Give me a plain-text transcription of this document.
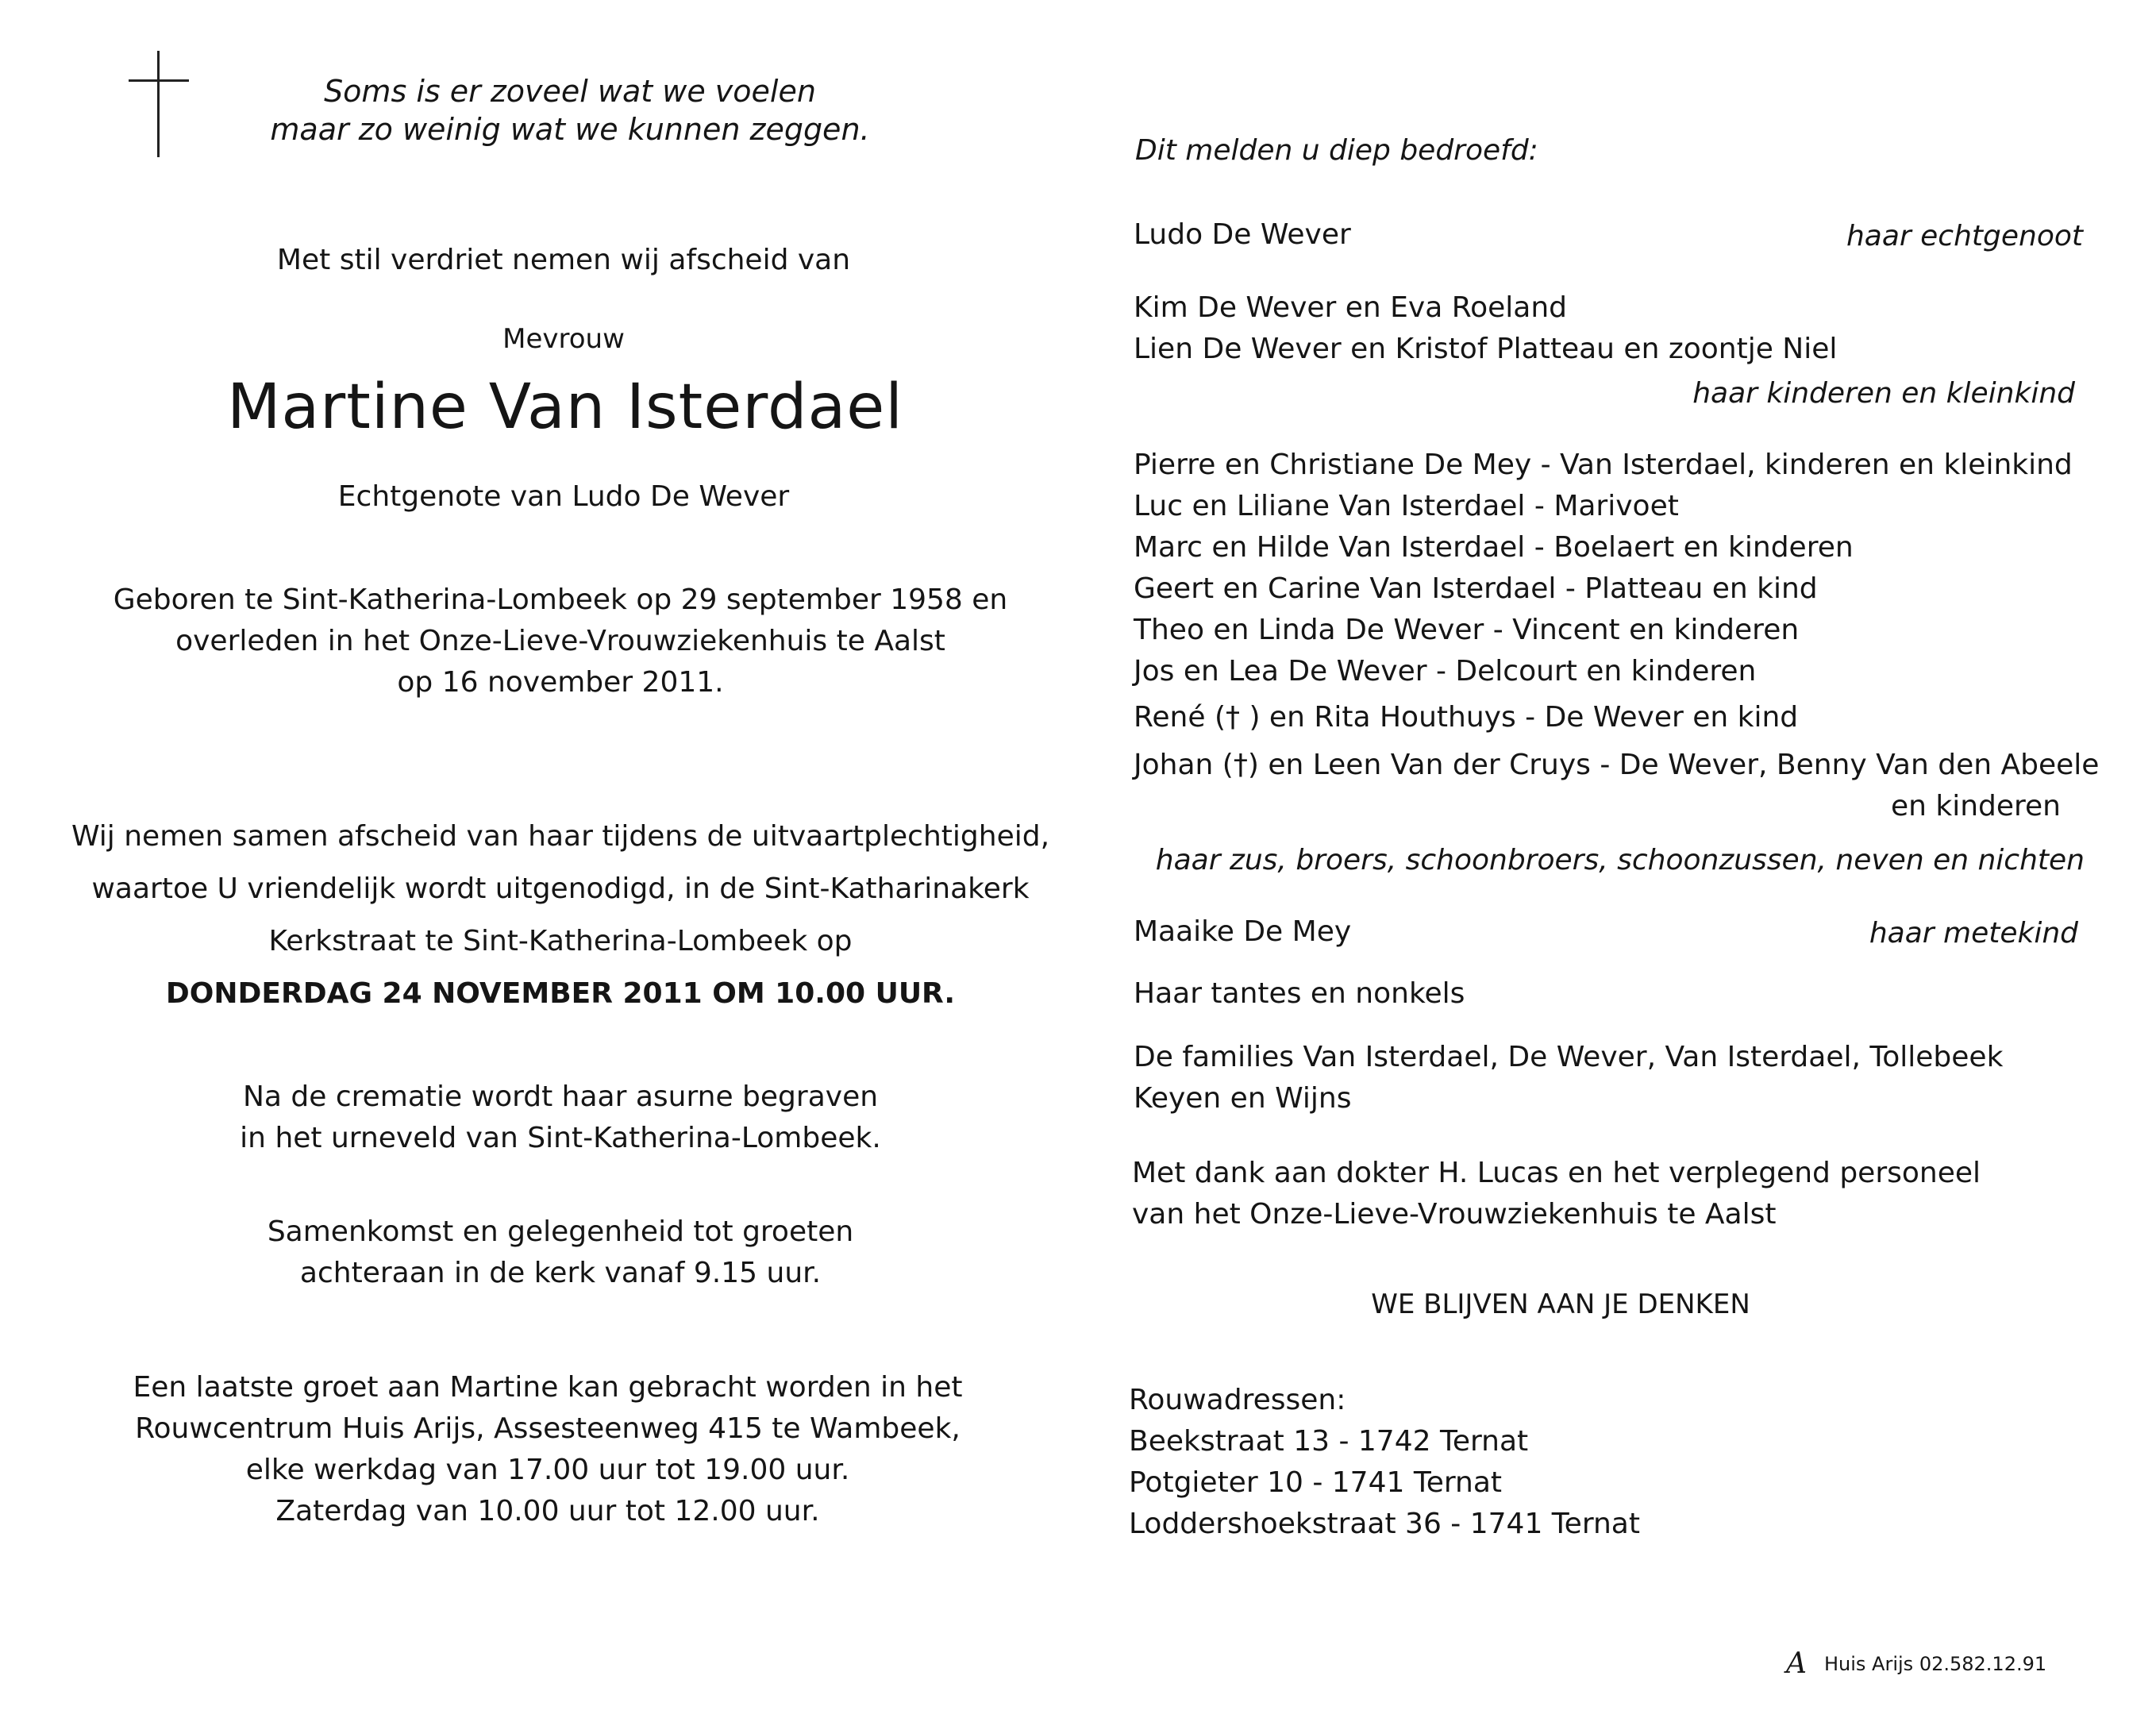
Soms is er zoveel wat we voelen
maar zo weinig wat we kunnen zeggen.
Met stil verdriet nemen wij afscheid van
Mevrouw
Martine Van Isterdael
Echtgenote van Ludo De Wever
Geboren te Sint-Katherina-Lombeek op 29 september 1958 en
overleden in het Onze-Lieve-Vrouwziekenhuis te Aalst
op 16 november 2011.
Wij nemen samen afscheid van haar tijdens de uitvaartplechtigheid,
waartoe U vriendelijk wordt uitgenodigd, in de Sint-Katharinakerk
Kerkstraat te Sint-Katherina-Lombeek op
DONDERDAG 24 NOVEMBER 2011 OM 10.00 UUR.
Na de crematie wordt haar asurne begraven
in het urneveld van Sint-Katherina-Lombeek.
Samenkomst en gelegenheid tot groeten
achteraan in de kerk vanaf 9.15 uur.
Een laatste groet aan Martine kan gebracht worden in het
Rouwcentrum Huis Arijs, Assesteenweg 415 te Wambeek,
elke werkdag van 17.00 uur tot 19.00 uur.
Zaterdag van 10.00 uur tot 12.00 uur.
Dit melden u diep bedroefd:
Ludo De Wever	haar echtgenoot
Kim De Wever en Eva Roeland
Lien De Wever en Kristof Platteau en zoontje Niel
haar kinderen en kleinkind
Pierre en Christiane De Mey - Van Isterdael, kinderen en kleinkind
Luc en Liliane Van Isterdael - Marivoet
Marc en Hilde Van Isterdael - Boelaert en kinderen
Geert en Carine Van Isterdael - Platteau en kind
Theo en Linda De Wever - Vincent en kinderen
Jos en Lea De Wever - Delcourt en kinderen
René († ) en Rita Houthuys - De Wever en kind
Johan (†) en Leen Van der Cruys - De Wever, Benny Van den Abeele
en kinderen
haar zus, broers, schoonbroers, schoonzussen, neven en nichten
Maaike De Mey	haar metekind
Haar tantes en nonkels
De families Van Isterdael, De Wever, Van Isterdael, Tollebeek
Keyen en Wijns
Met dank aan dokter H. Lucas en het verplegend personeel
van het Onze-Lieve-Vrouwziekenhuis te Aalst
WE BLIJVEN AAN JE DENKEN
Rouwadressen:
Beekstraat 13 - 1742 Ternat
Potgieter 10 - 1741 Ternat
Loddershoekstraat 36 - 1741 Ternat
A Huis Arijs 02.582.12.91
